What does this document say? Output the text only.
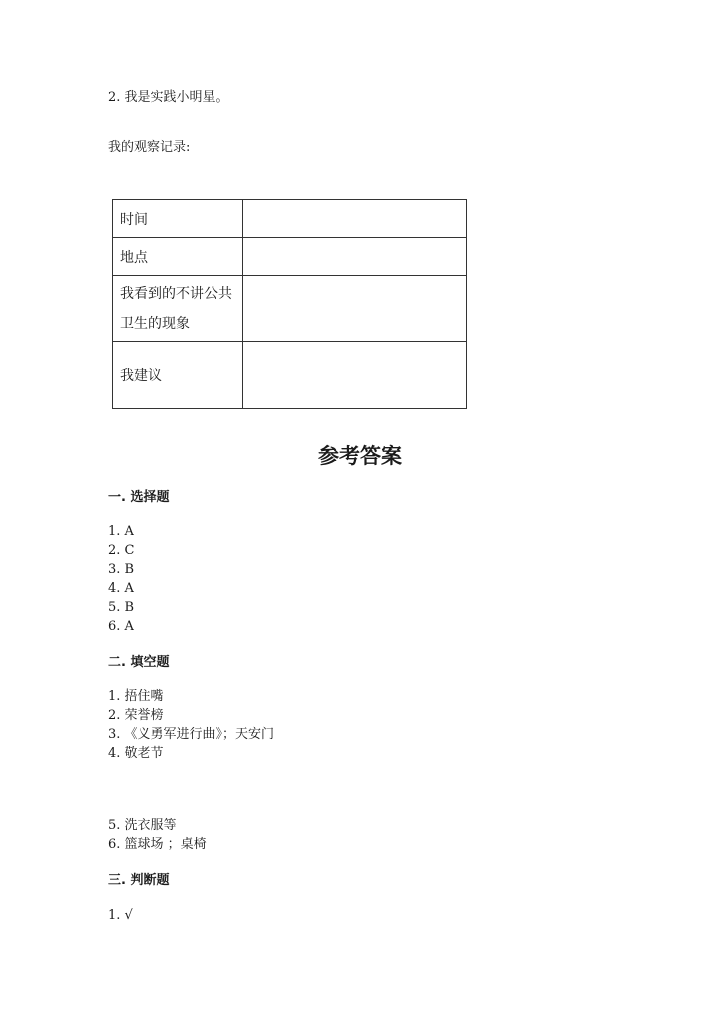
2. 我是实践小明星。
我的观察记录:
时间	
地点	

我看到的不讲公共
卫生的现象	

我建议	
参考答案
一. 选择题
1. A
2. C
3. B
4. A
5. B
6. A
二. 填空题
1. 捂住嘴
2. 荣誉榜
3. 《义勇军进行曲》；天安门
4. 敬老节
5. 洗衣服等
6. 篮球场 ；桌椅
三. 判断题
1. √
